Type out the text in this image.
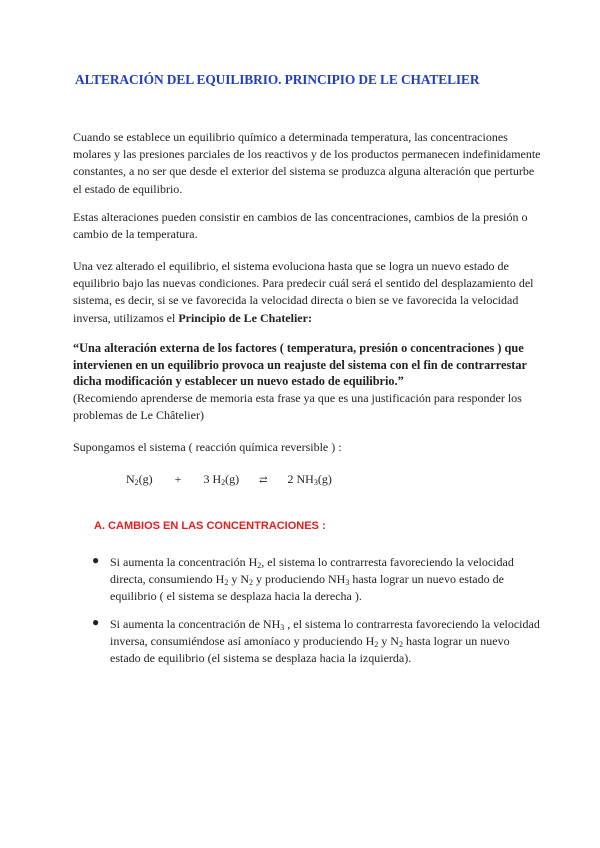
ALTERACIÓN DEL EQUILIBRIO. PRINCIPIO DE LE CHATELIER
Cuando se establece un equilibrio químico a determinada temperatura, las concentraciones molares y las presiones parciales de los reactivos y de los productos permanecen indefinidamente constantes, a no ser que desde el exterior del sistema se produzca alguna alteración que perturbe el estado de equilibrio.
Estas alteraciones pueden consistir en cambios de las concentraciones, cambios de la presión o cambio de la temperatura.
Una vez alterado el equilibrio, el sistema evoluciona hasta que se logra un nuevo estado de equilibrio bajo las nuevas condiciones. Para predecir cuál será el sentido del desplazamiento del sistema, es decir, si se ve favorecida la velocidad directa o bien se ve favorecida la velocidad inversa, utilizamos el Principio de Le Chatelier:
“Una alteración externa de los factores ( temperatura, presión o concentraciones ) que intervienen en un equilibrio provoca un reajuste del sistema con el fin de contrarrestar dicha modificación y establecer un nuevo estado de equilibrio.”
(Recomiendo aprenderse de memoria esta frase ya que es una justificación para responder los problemas de Le Châtelier)
Supongamos el sistema ( reacción química reversible ) :
$N_2(g) + 3$ $H_2(g)$ ⇄ 2 $NH_3(g)$
A. CAMBIOS EN LAS CONCENTRACIONES :
● Si aumenta la concentración $H_2$, el sistema lo contrarresta favoreciendo la velocidad directa, consumiendo $H_2$ y $N_2$ y produciendo $NH_3$ hasta lograr un nuevo estado de equilibrio ( el sistema se desplaza hacia la derecha ).
● Si aumenta la concentración de $NH_3$ , el sistema lo contrarresta favoreciendo la velocidad inversa, consumiéndose así amoníaco y produciendo $H_2$ y $N_2$ hasta lograr un nuevo estado de equilibrio (el sistema se desplaza hacia la izquierda).
